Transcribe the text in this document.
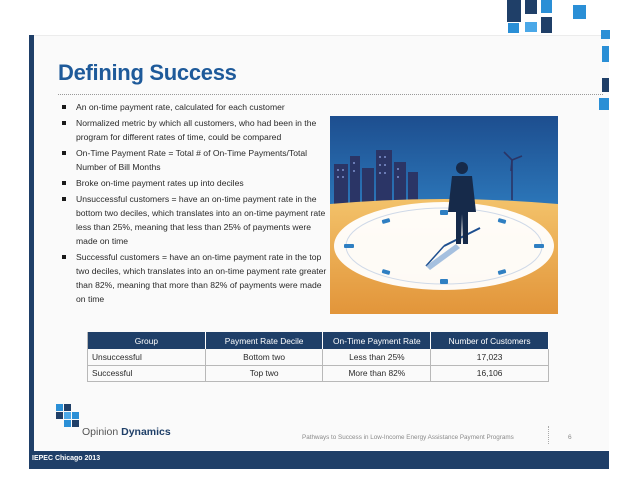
Defining Success
An on-time payment rate, calculated for each customer
Normalized metric by which all customers, who had been in the program for different rates of time, could be compared
On-Time Payment Rate = Total # of On-Time Payments/Total Number of Bill Months
Broke on-time payment rates up into deciles
Unsuccessful customers = have an on-time payment rate in the bottom two deciles, which translates into an on-time payment rate less than 25%, meaning that less than 25% of payments were made on time
Successful customers = have an on-time payment rate in the top two deciles, which translates into an on-time payment rate greater than 82%, meaning that more than 82% of payments were made on time
Group	Payment Rate Decile	On-Time Payment Rate	Number of Customers
Unsuccessful	Bottom two	Less than 25%	17,023
Successful	Top two	More than 82%	16,106
Opinion Dynamics	Pathways to Success in Low-Income Energy Assistance Payment Programs	6
IEPEC Chicago 2013
